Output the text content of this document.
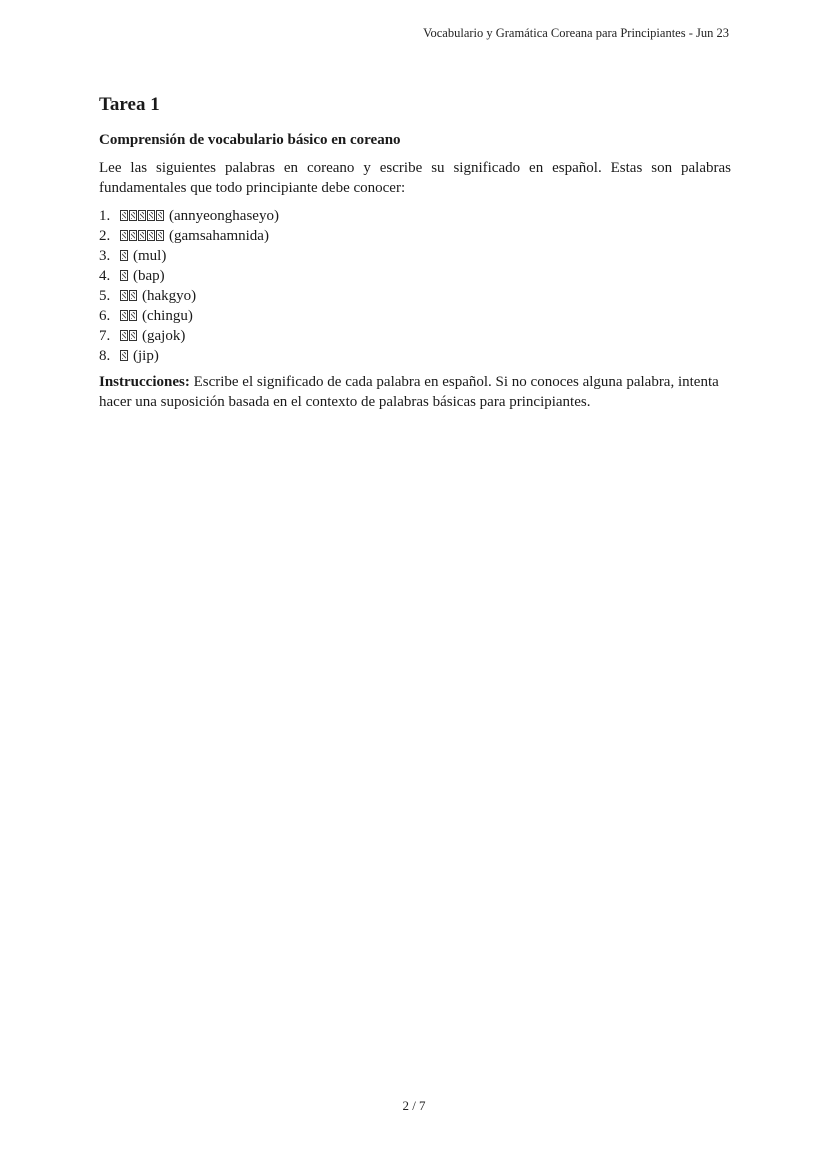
Vocabulario y Gramática Coreana para Principiantes - Jun 23
Tarea 1
Comprensión de vocabulario básico en coreano

Lee las siguientes palabras en coreano y escribe su significado en español. Estas son palabras fundamentales que todo principiante debe conocer:

1.	(annyeonghaseyo)
2.	(gamsahamnida)
3.	(mul)
4.	(bap)
5.	(hakgyo)
6.	(chingu)
7.	(gajok)
8.	(jip)

Instrucciones: Escribe el significado de cada palabra en español. Si no conoces alguna palabra, intenta hacer una suposición basada en el contexto de palabras básicas para principiantes.

2 / 7
